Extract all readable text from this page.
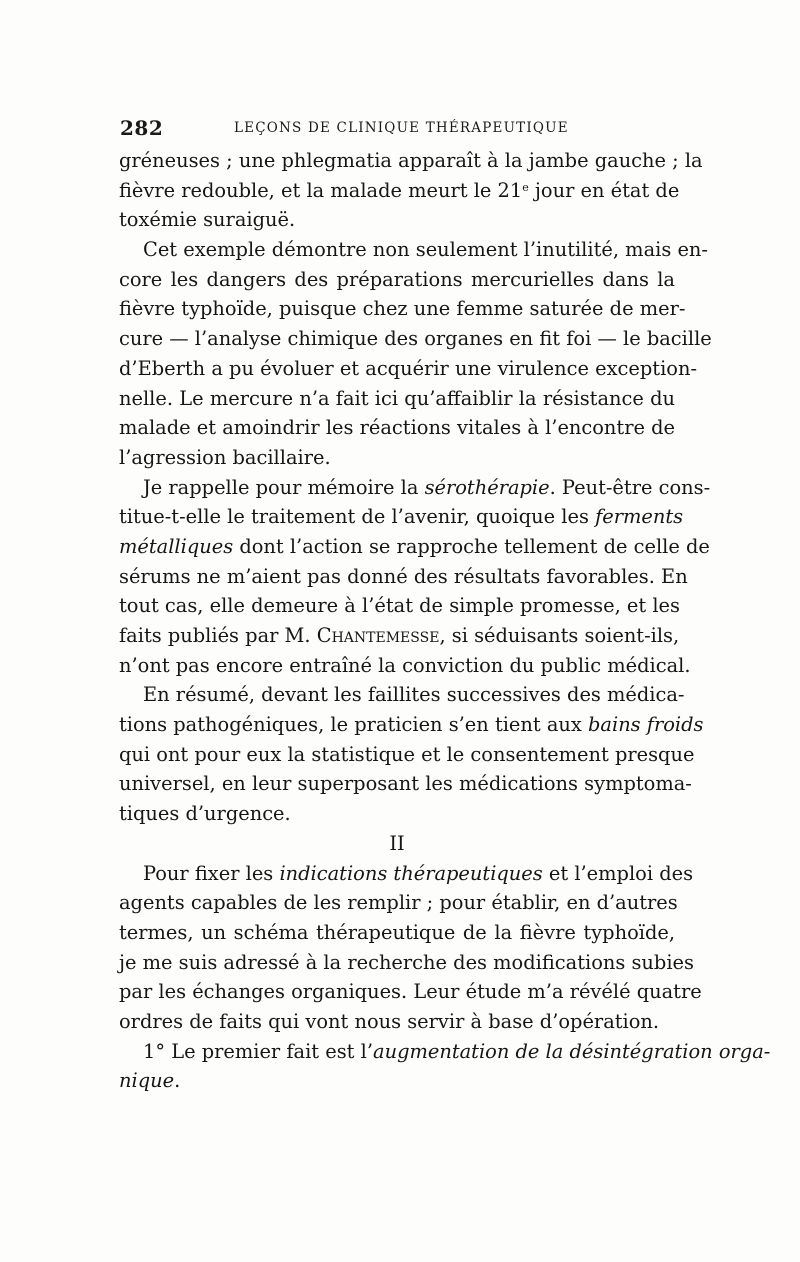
282	LEÇONS DE CLINIQUE THÉRAPEUTIQUE
gréneuses ; une phlegmatia apparaît à la jambe gauche ; la
fièvre redouble, et la malade meurt le 21e jour en état de
toxémie suraiguë.
Cet exemple démontre non seulement l’inutilité, mais en-
core les dangers des préparations mercurielles dans la
fièvre typhoïde, puisque chez une femme saturée de mer-
cure — l’analyse chimique des organes en fit foi — le bacille
d’Eberth a pu évoluer et acquérir une virulence exception-
nelle. Le mercure n’a fait ici qu’affaiblir la résistance du
malade et amoindrir les réactions vitales à l’encontre de
l’agression bacillaire.
Je rappelle pour mémoire la sérothérapie. Peut-être cons-
titue-t-elle le traitement de l’avenir, quoique les ferments
métalliques dont l’action se rapproche tellement de celle de
sérums ne m’aient pas donné des résultats favorables. En
tout cas, elle demeure à l’état de simple promesse, et les
faits publiés par M. Chantemesse, si séduisants soient-ils,
n’ont pas encore entraîné la conviction du public médical.
En résumé, devant les faillites successives des médica-
tions pathogéniques, le praticien s’en tient aux bains froids
qui ont pour eux la statistique et le consentement presque
universel, en leur superposant les médications symptoma-
tiques d’urgence.
II
Pour fixer les indications thérapeutiques et l’emploi des
agents capables de les remplir ; pour établir, en d’autres
termes, un schéma thérapeutique de la fièvre typhoïde,
je me suis adressé à la recherche des modifications subies
par les échanges organiques. Leur étude m’a révélé quatre
ordres de faits qui vont nous servir à base d’opération.
1° Le premier fait est l’augmentation de la désintégration orga-
nique.
